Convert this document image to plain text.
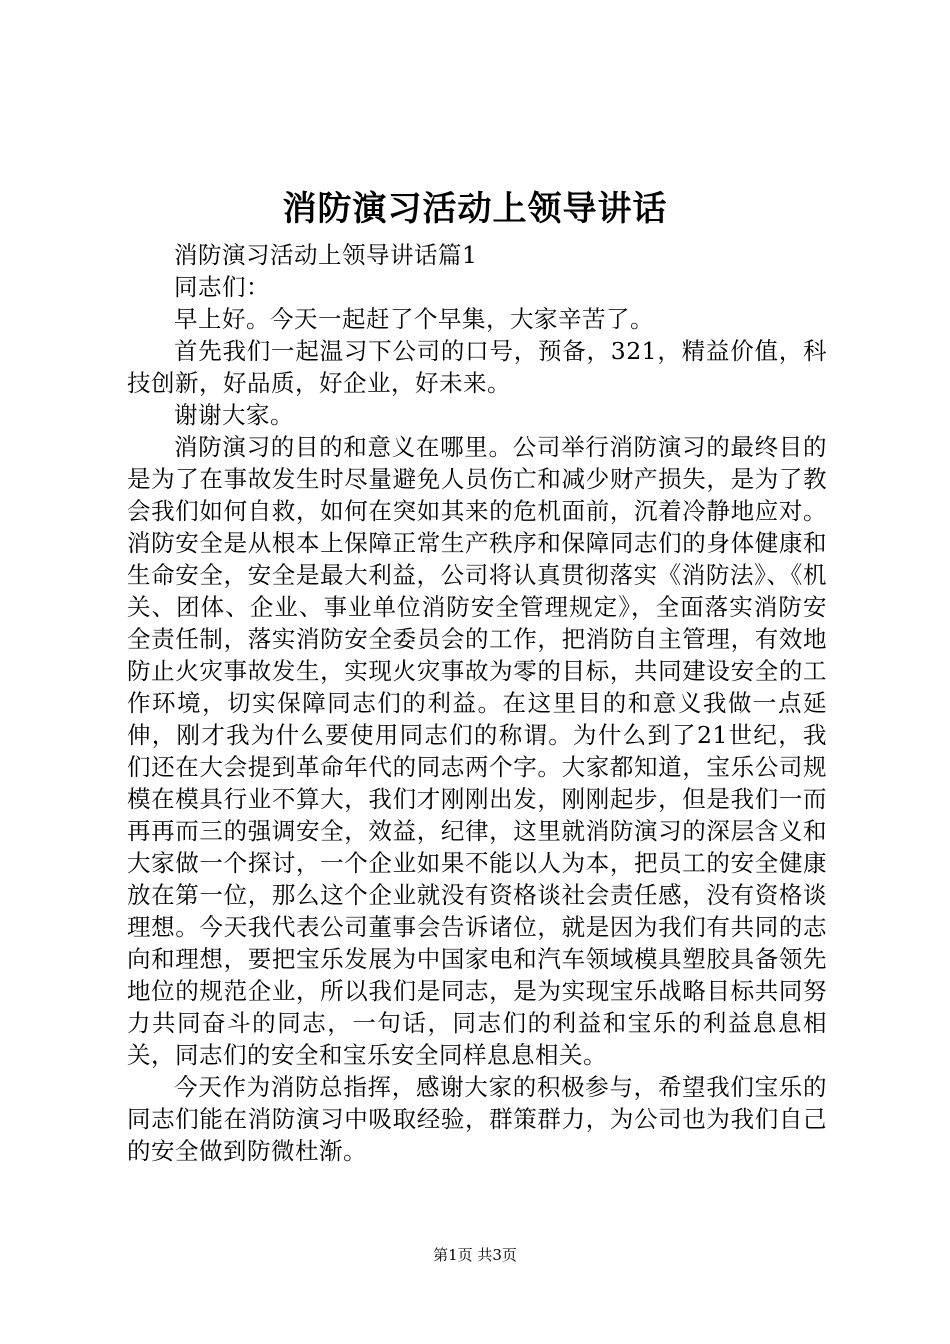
消防演习活动上领导讲话

消防演习活动上领导讲话篇1

同志们：

早上好。今天一起赶了个早集，大家辛苦了。

首先我们一起温习下公司的口号，预备，321，精益价值，科技创新，好品质，好企业，好未来。

谢谢大家。

消防演习的目的和意义在哪里。公司举行消防演习的最终目的是为了在事故发生时尽量避免人员伤亡和减少财产损失，是为了教会我们如何自救，如何在突如其来的危机面前，沉着冷静地应对。消防安全是从根本上保障正常生产秩序和保障同志们的身体健康和生命安全，安全是最大利益，公司将认真贯彻落实《消防法》、《机关、团体、企业、事业单位消防安全管理规定》，全面落实消防安全责任制，落实消防安全委员会的工作，把消防自主管理，有效地防止火灾事故发生，实现火灾事故为零的目标，共同建设安全的工作环境，切实保障同志们的利益。在这里目的和意义我做一点延伸，刚才我为什么要使用同志们的称谓。为什么到了21世纪，我们还在大会提到革命年代的同志两个字。大家都知道，宝乐公司规模在模具行业不算大，我们才刚刚出发，刚刚起步，但是我们一而再再而三的强调安全，效益，纪律，这里就消防演习的深层含义和大家做一个探讨，一个企业如果不能以人为本，把员工的安全健康放在第一位，那么这个企业就没有资格谈社会责任感，没有资格谈理想。今天我代表公司董事会告诉诸位，就是因为我们有共同的志向和理想，要把宝乐发展为中国家电和汽车领域模具塑胶具备领先地位的规范企业，所以我们是同志，是为实现宝乐战略目标共同努力共同奋斗的同志，一句话，同志们的利益和宝乐的利益息息相关，同志们的安全和宝乐安全同样息息相关。

今天作为消防总指挥，感谢大家的积极参与，希望我们宝乐的同志们能在消防演习中吸取经验，群策群力，为公司也为我们自己的安全做到防微杜渐。

第1页 共3页
